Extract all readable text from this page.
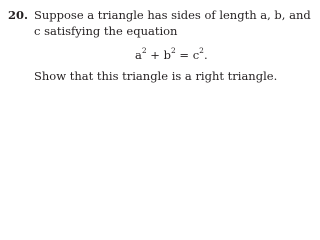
20. Suppose a triangle has sides of length a, b, and
c satisfying the equation
$a^2 + b^2 = c^2$.
Show that this triangle is a right triangle.
